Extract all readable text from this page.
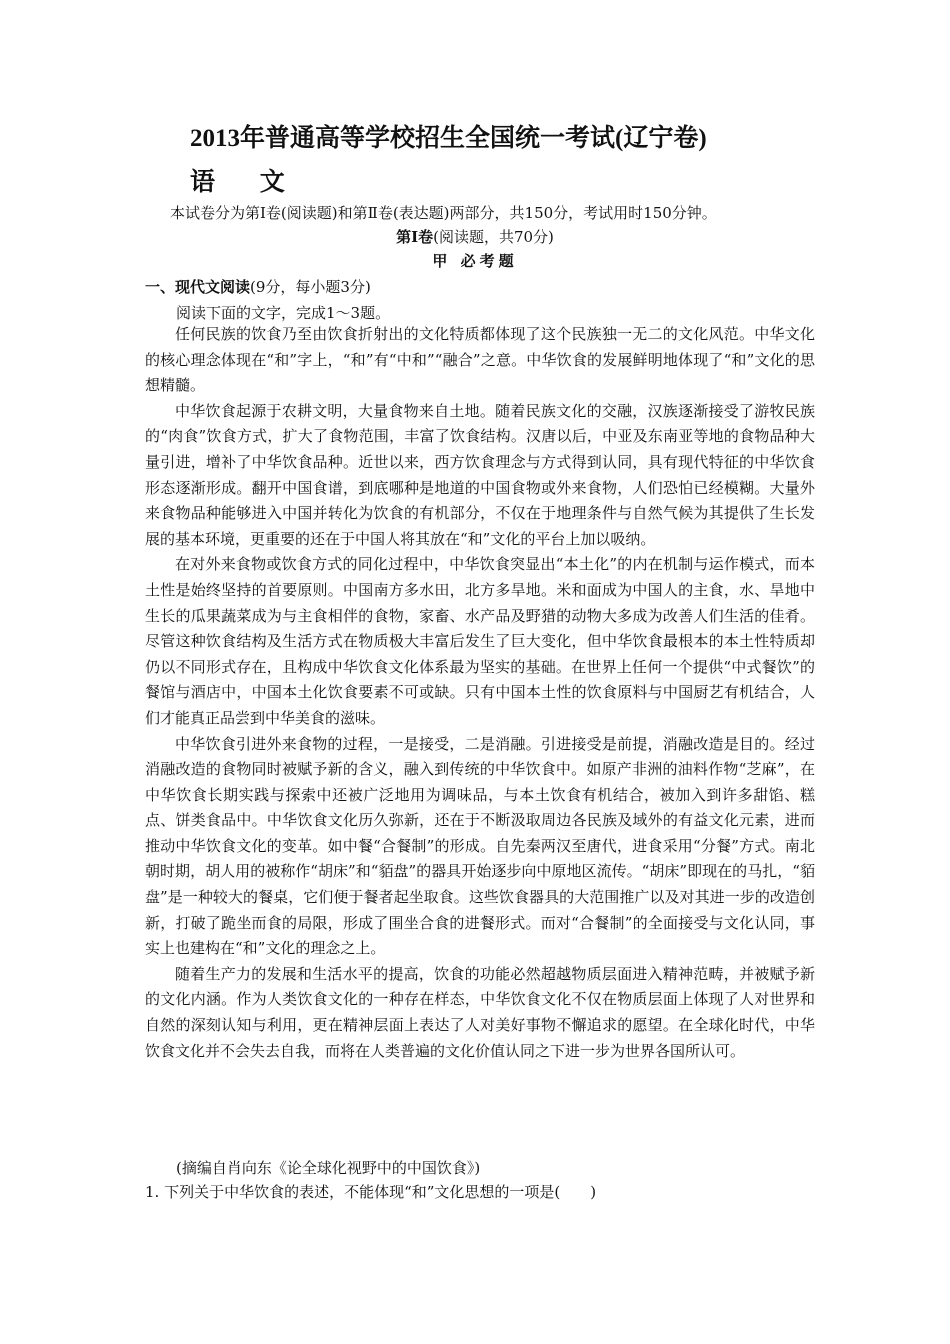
2013年普通高等学校招生全国统一考试(辽宁卷)
语 文
本试卷分为第Ⅰ卷(阅读题)和第Ⅱ卷(表达题)两部分，共150分，考试用时150分钟。
第Ⅰ卷(阅读题，共70分)
甲 必考题
一、现代文阅读(9分，每小题3分)
阅读下面的文字，完成1～3题。

任何民族的饮食乃至由饮食折射出的文化特质都体现了这个民族独一无二的文化风范。中华文化的核心理念体现在“和”字上，“和”有“中和”“融合”之意。中华饮食的发展鲜明地体现了“和”文化的思想精髓。

中华饮食起源于农耕文明，大量食物来自土地。随着民族文化的交融，汉族逐渐接受了游牧民族的“肉食”饮食方式，扩大了食物范围，丰富了饮食结构。汉唐以后，中亚及东南亚等地的食物品种大量引进，增补了中华饮食品种。近世以来，西方饮食理念与方式得到认同，具有现代特征的中华饮食形态逐渐形成。翻开中国食谱，到底哪种是地道的中国食物或外来食物，人们恐怕已经模糊。大量外来食物品种能够进入中国并转化为饮食的有机部分，不仅在于地理条件与自然气候为其提供了生长发展的基本环境，更重要的还在于中国人将其放在“和”文化的平台上加以吸纳。

在对外来食物或饮食方式的同化过程中，中华饮食突显出“本土化”的内在机制与运作模式，而本土性是始终坚持的首要原则。中国南方多水田，北方多旱地。米和面成为中国人的主食，水、旱地中生长的瓜果蔬菜成为与主食相伴的食物，家畜、水产品及野猎的动物大多成为改善人们生活的佳肴。尽管这种饮食结构及生活方式在物质极大丰富后发生了巨大变化，但中华饮食最根本的本土性特质却仍以不同形式存在，且构成中华饮食文化体系最为坚实的基础。在世界上任何一个提供“中式餐饮”的餐馆与酒店中，中国本土化饮食要素不可或缺。只有中国本土性的饮食原料与中国厨艺有机结合，人们才能真正品尝到中华美食的滋味。

中华饮食引进外来食物的过程，一是接受，二是消融。引进接受是前提，消融改造是目的。经过消融改造的食物同时被赋予新的含义，融入到传统的中华饮食中。如原产非洲的油料作物“芝麻”，在中华饮食长期实践与探索中还被广泛地用为调味品，与本土饮食有机结合，被加入到许多甜馅、糕点、饼类食品中。中华饮食文化历久弥新，还在于不断汲取周边各民族及域外的有益文化元素，进而推动中华饮食文化的变革。如中餐“合餐制”的形成。自先秦两汉至唐代，进食采用“分餐”方式。南北朝时期，胡人用的被称作“胡床”和“貊盘”的器具开始逐步向中原地区流传。“胡床”即现在的马扎，“貊盘”是一种较大的餐桌，它们便于餐者起坐取食。这些饮食器具的大范围推广以及对其进一步的改造创新，打破了跪坐而食的局限，形成了围坐合食的进餐形式。而对“合餐制”的全面接受与文化认同，事实上也建构在“和”文化的理念之上。

随着生产力的发展和生活水平的提高，饮食的功能必然超越物质层面进入精神范畴，并被赋予新的文化内涵。作为人类饮食文化的一种存在样态，中华饮食文化不仅在物质层面上体现了人对世界和自然的深刻认知与利用，更在精神层面上表达了人对美好事物不懈追求的愿望。在全球化时代，中华饮食文化并不会失去自我，而将在人类普遍的文化价值认同之下进一步为世界各国所认可。

(摘编自肖向东《论全球化视野中的中国饮食》)
1. 下列关于中华饮食的表述，不能体现“和”文化思想的一项是(　　)
